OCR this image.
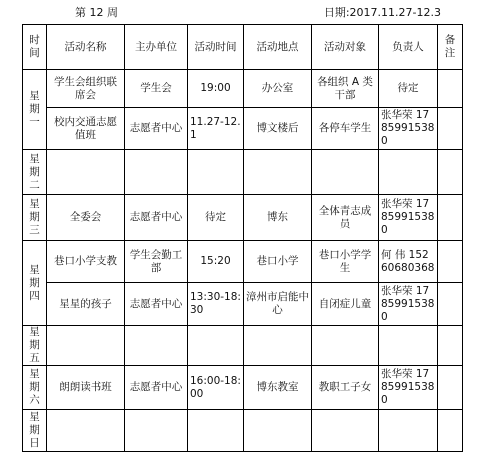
第 12 周	日期:2017.11.27-12.3
时间	活动名称	主办单位	活动时间	活动地点	活动对象	负责人	备注
星期一	学生会组织联席会	学生会	19:00	办公室	各组织 A 类干部	待定	
	校内交通志愿值班	志愿者中心	11.27-12.1	博文楼后	各停车学生	张华荣 17859915380	
星期二							
星期三	全委会	志愿者中心	待定	博东	全体青志成员	张华荣 17859915380	
星期四	巷口小学支教	学生会勤工部	15:20	巷口小学	巷口小学学生	何 伟 15260680368	
	星星的孩子	志愿者中心	13:30-18:30	漳州市启能中心	自闭症儿童	张华荣 17859915380	
星期五							
星期六	朗朗读书班	志愿者中心	16:00-18:00	博东教室	教职工子女	张华荣 17859915380	
星期日							
